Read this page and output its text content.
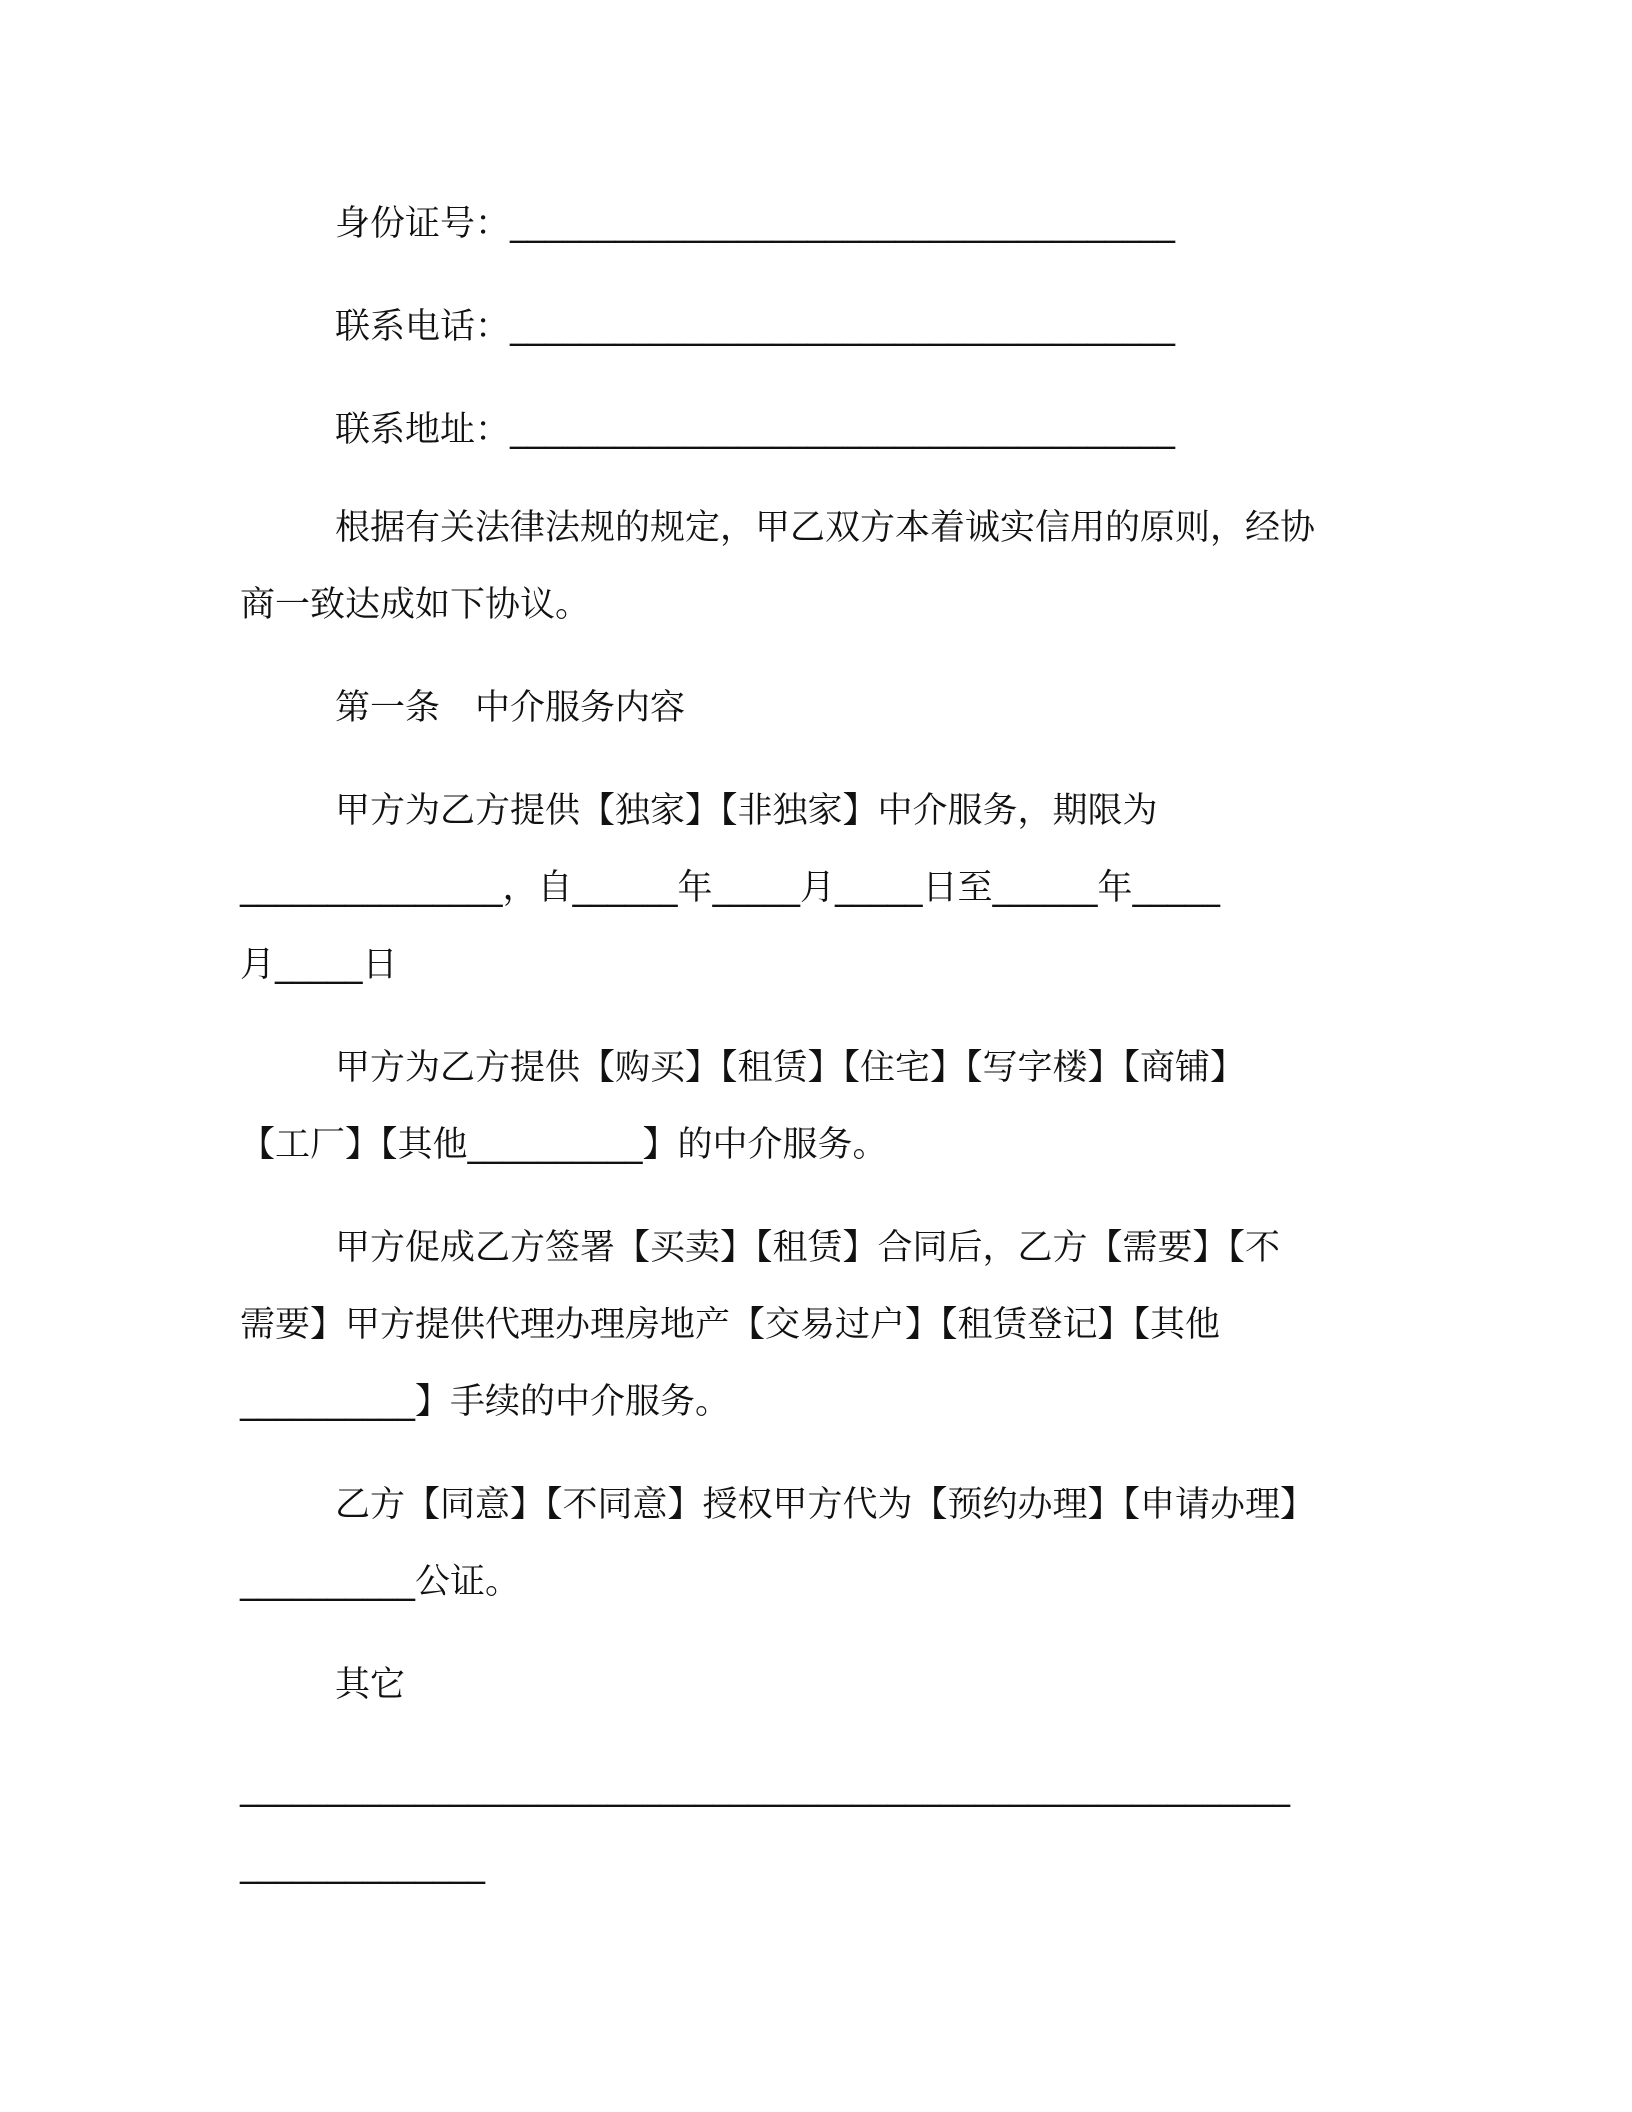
身份证号：______________________________________
联系电话：______________________________________
联系地址：______________________________________
根据有关法律法规的规定，甲乙双方本着诚实信用的原则，经协
商一致达成如下协议。
第一条　中介服务内容
甲方为乙方提供【独家】【非独家】中介服务，期限为
_______________，自______年_____月_____日至______年_____
月_____日
甲方为乙方提供【购买】【租赁】【住宅】【写字楼】【商铺】
【工厂】【其他__________】的中介服务。
甲方促成乙方签署【买卖】【租赁】合同后，乙方【需要】【不
需要】甲方提供代理办理房地产【交易过户】【租赁登记】【其他
__________】手续的中介服务。
乙方【同意】【不同意】授权甲方代为【预约办理】【申请办理】
__________公证。
其它
____________________________________________________________
______________
